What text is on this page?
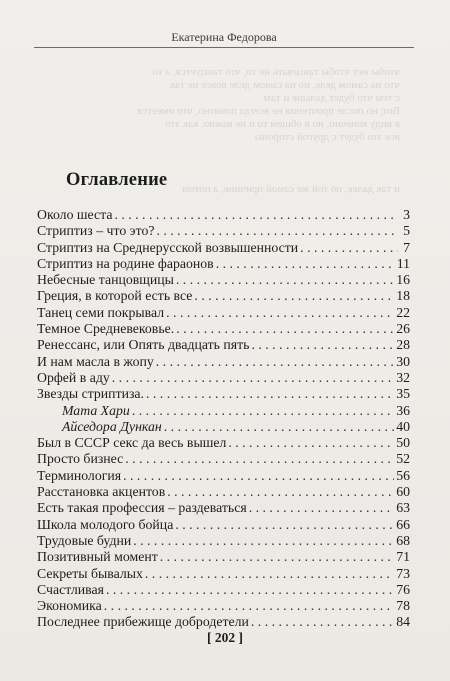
Екатерина Федорова
чтобы нет чтобы танцевать не то, что танцуется, а то
что на самом деле, но на самом деле вовсе не так
с тем что будет дальше и там
Вот, но после прочтения не всегда понятно, что имеется
в виду конечно, но в общем то и не важно, как это
все это будет с другой стороны
и так далее, по той же самой причине, а потом
Оглавление
Около шеста . . .	3
Стриптиз – что это? . . .	5
Стриптиз на Среднерусской возвышенности . . .	7
Стриптиз на родине фараонов . . .	11
Небесные танцовщицы . . .	16
Греция, в которой есть все . . .	18
Танец семи покрывал . . .	22
Темное Средневековье. . . .	26
Ренессанс, или Опять двадцать пять . . .	28
И нам масла в жопу . . .	30
Орфей в аду . . .	32
Звезды стриптиза. . . .	35
Мата Хари . . .	36
Айседора Дункан . . .	40
Был в СССР секс да весь вышел . . .	50
Просто бизнес . . .	52
Терминология . . .	56
Расстановка акцентов . . .	60
Есть такая профессия – раздеваться . . .	63
Школа молодого бойца . . .	66
Трудовые будни . . .	68
Позитивный момент . . .	71
Секреты бывалых . . .	73
Счастливая . . .	76
Экономика . . .	78
Последнее прибежище добродетели . . .	84
[ 202 ]
